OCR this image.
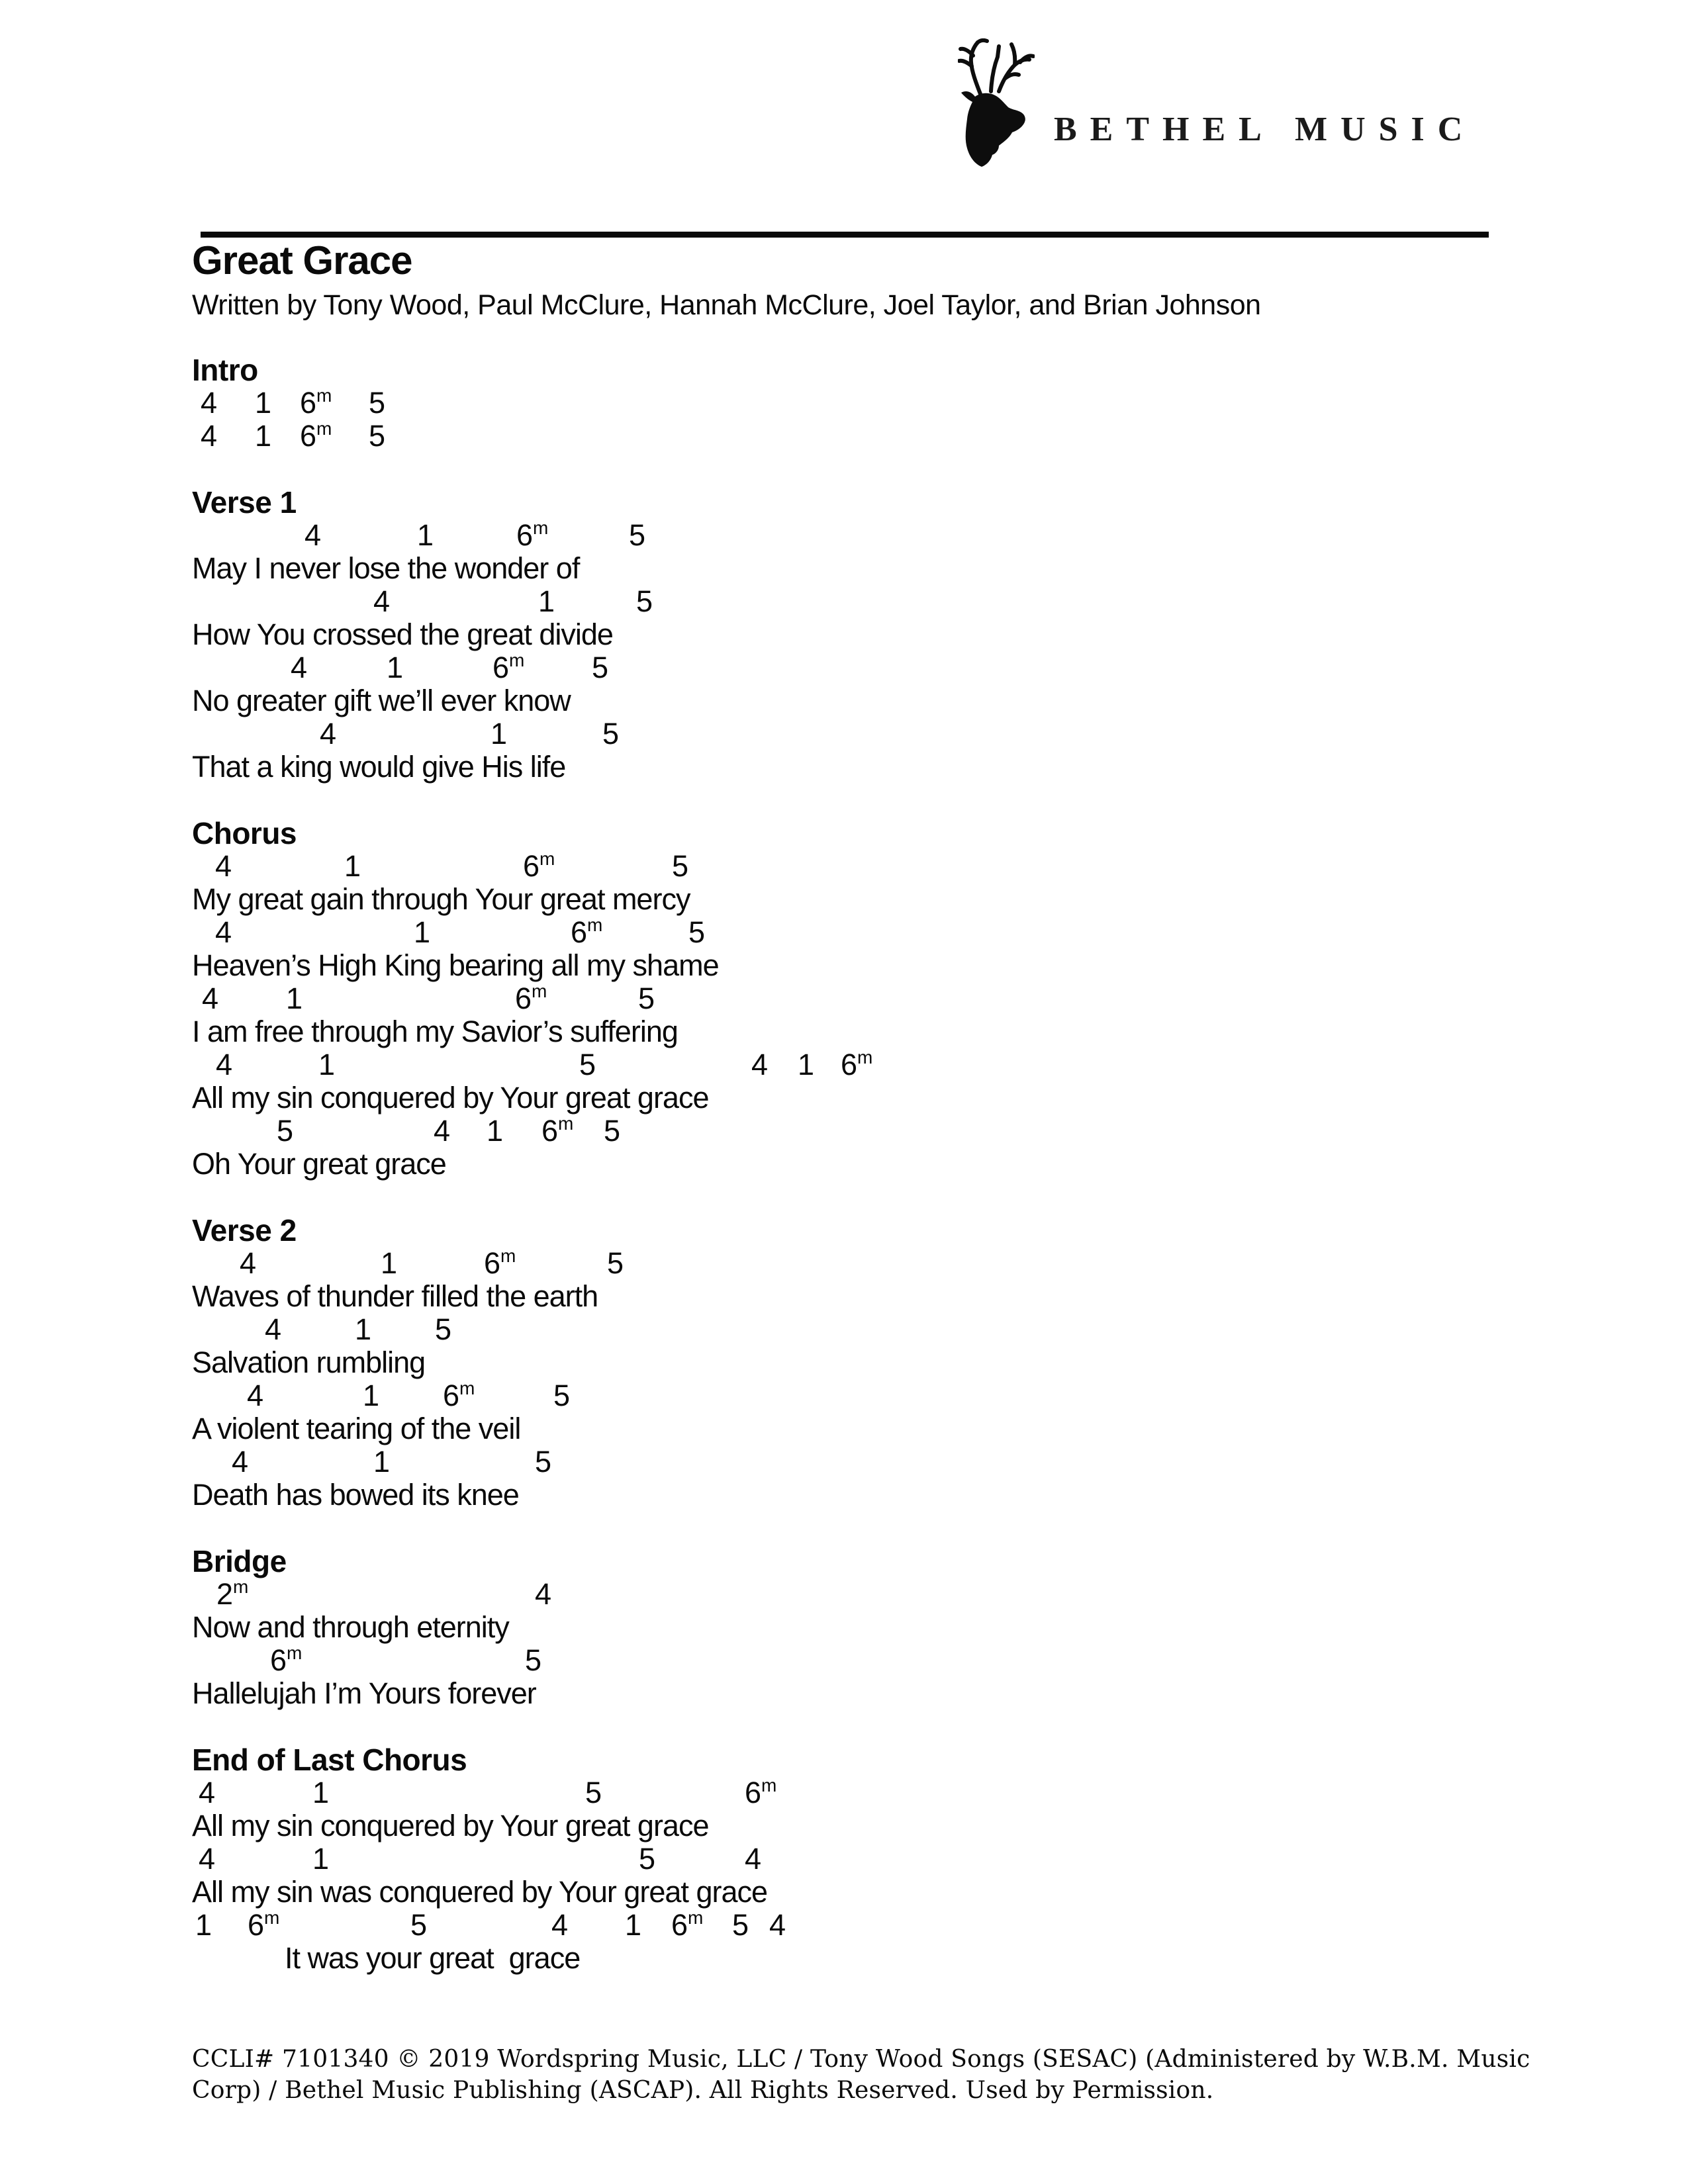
BETHEL MUSIC
Great Grace
Written by Tony Wood, Paul McClure, Hannah McClure, Joel Taylor, and Brian Johnson
Intro
4 1 6$^m$ 5
4 1 6$^m$ 5
Verse 1
4	1	6$^m$	5
May I never lose the wonder of
4	1	5
How You crossed the great divide
4	1	6$^m$ 5
No greater gift we’ll ever know
4	1	5
That a king would give His life
Chorus
4	1	6$^m$	5
My great gain through Your great mercy
4	1	6$^m$	5
Heaven’s High King bearing all my shame
4 1	6$^m$	5
I am free through my Savior’s suffering
4	1	5	4 1 6$^m$
All my sin conquered by Your great grace
5	4 1 6$^m$ 5
Oh Your great grace
Verse 2
4	1	6$^m$	5
Waves of thunder filled the earth
4 1 5
Salvation rumbling
4	1 6$^m$	5
A violent tearing of the veil
4	1	5
Death has bowed its knee
Bridge
2$^m$	4
Now and through eternity
6$^m$	5
Hallelujah I’m Yours forever
End of Last Chorus
4	1	5	6$^m$
All my sin conquered by Your great grace
4	1	5	4
All my sin was conquered by Your great grace
1 6$^m$	5	4 1 6$^m$ 5 4
It was your great  grace
CCLI# 7101340 © 2019 Wordspring Music, LLC / Tony Wood Songs (SESAC) (Administered by W.B.M. Music
Corp) / Bethel Music Publishing (ASCAP). All Rights Reserved. Used by Permission.
